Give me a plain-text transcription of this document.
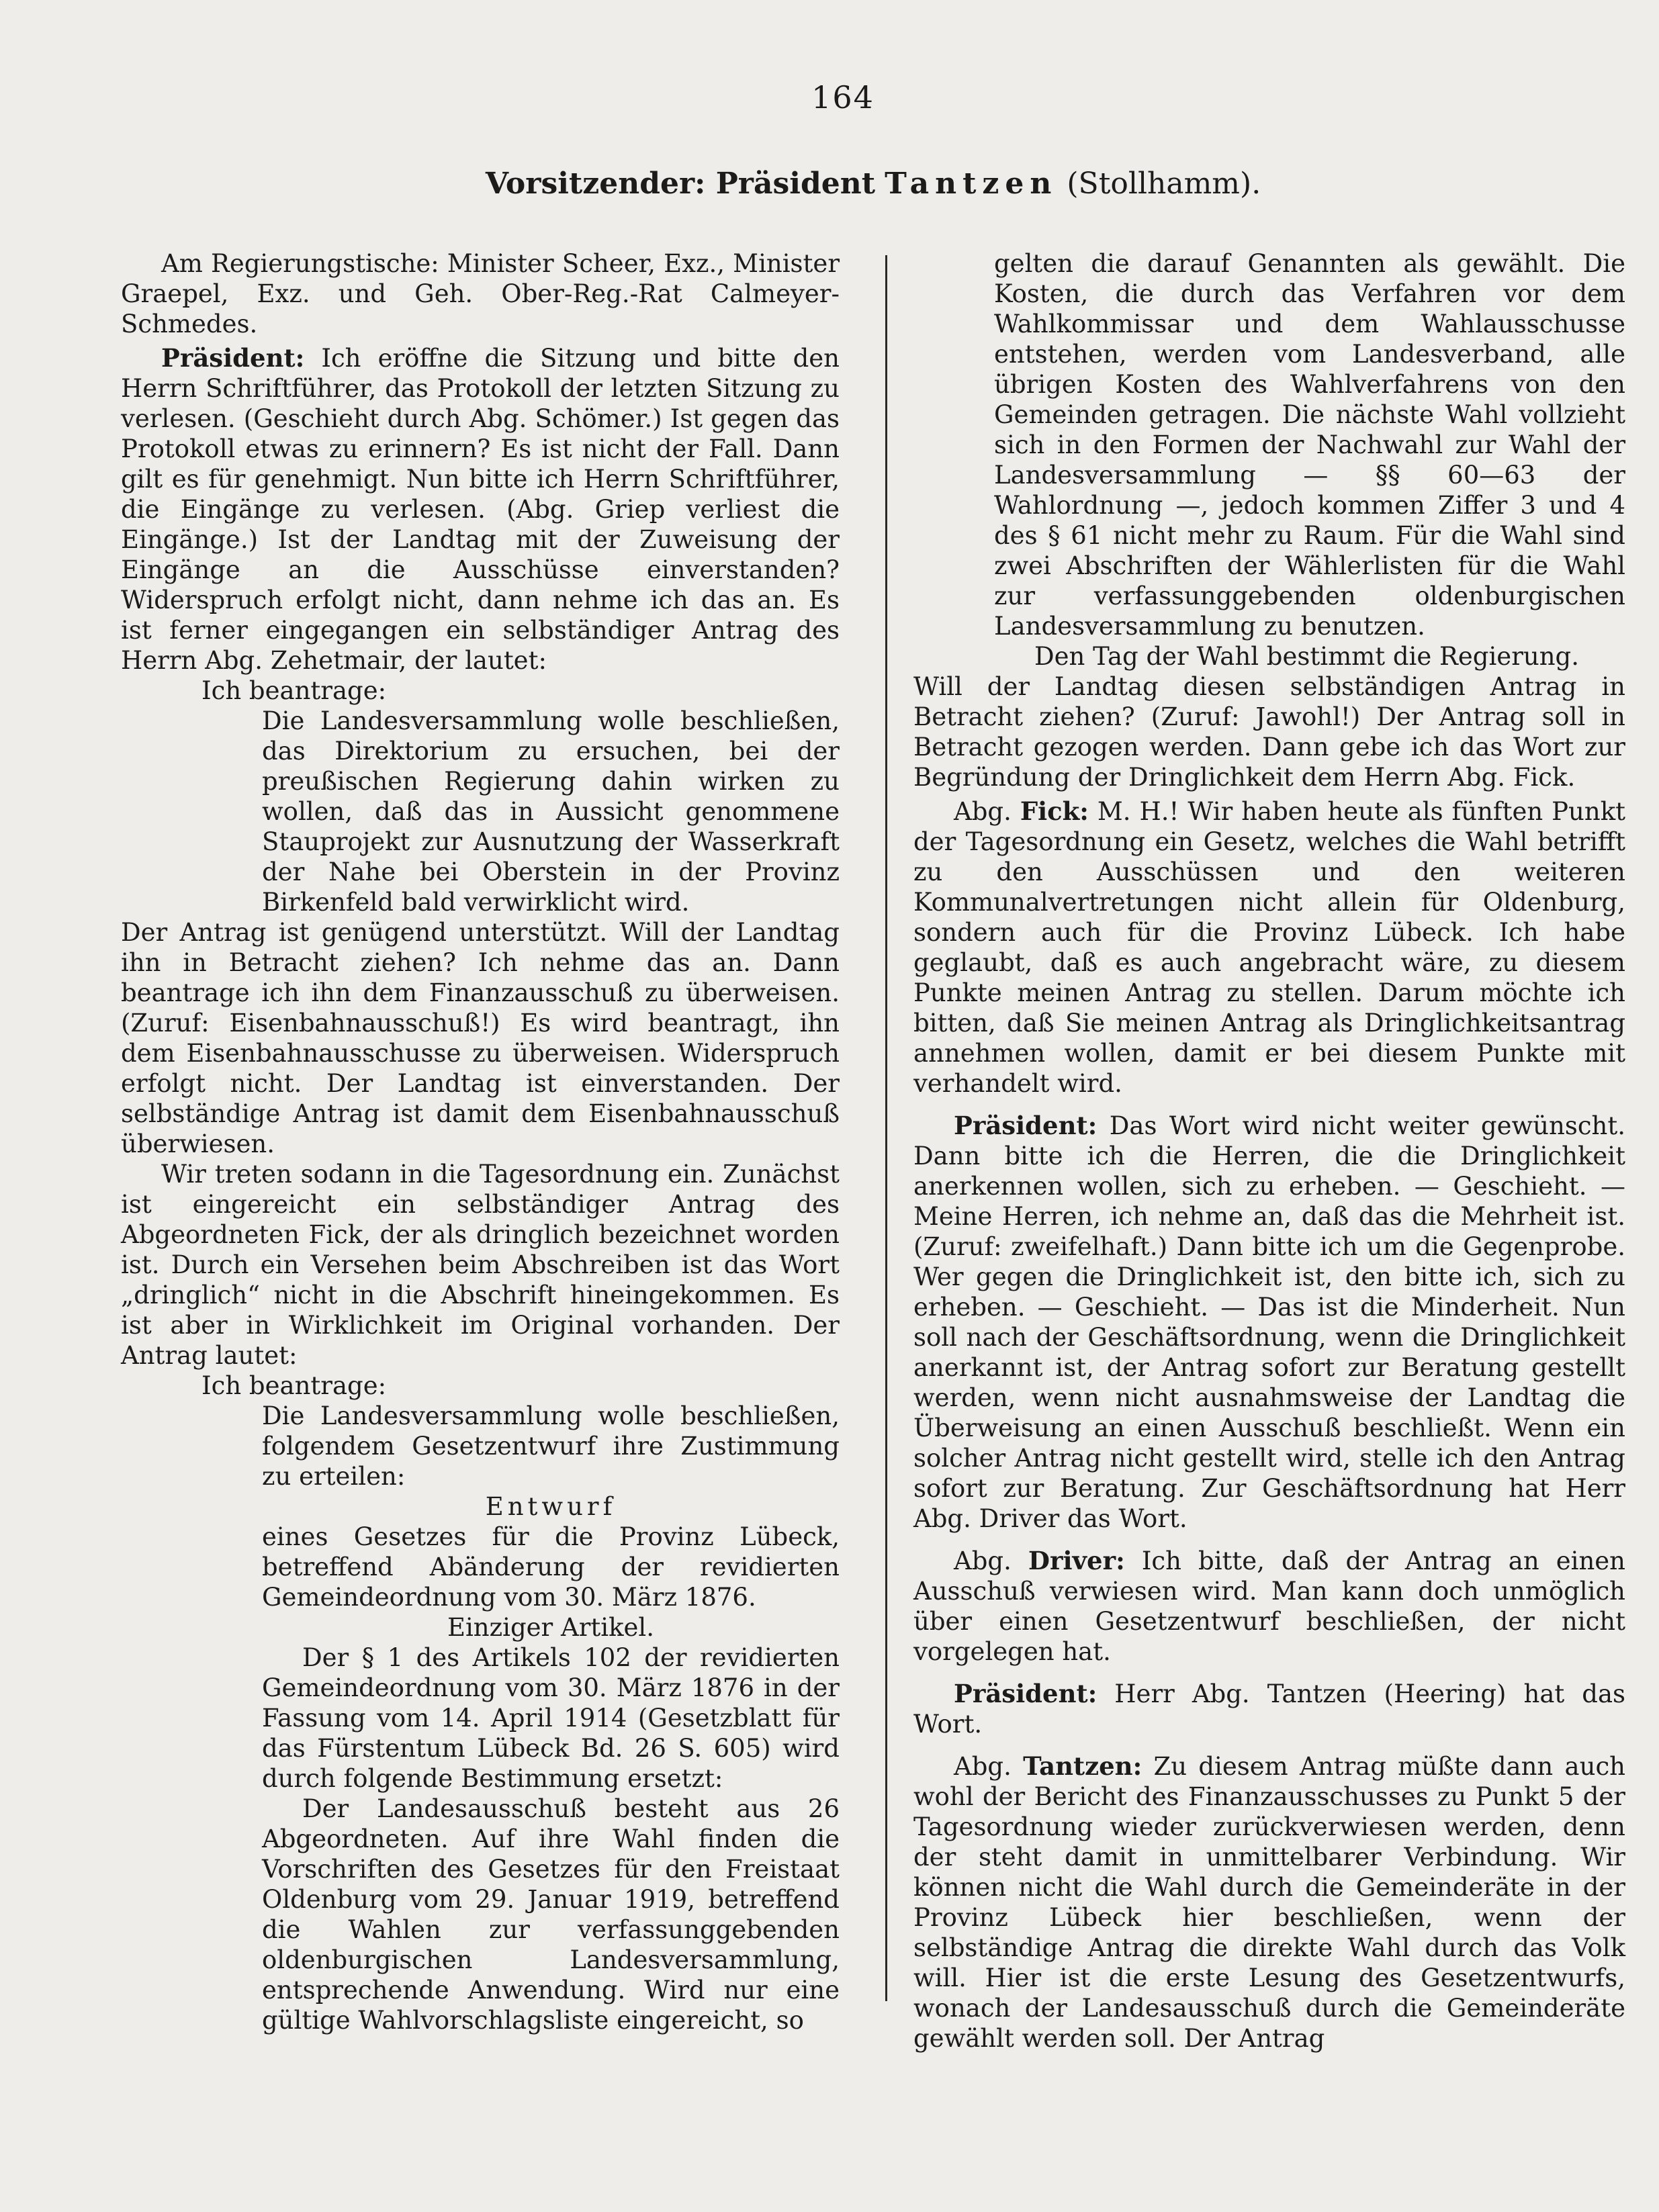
164
Vorsitzender: Präsident Tantzen (Stollhamm).

Am Regierungstische: Minister Scheer, Exz., Minister Graepel, Exz. und Geh. Ober-Reg.-Rat Calmeyer-Schmedes.

Präsident: Ich eröffne die Sitzung und bitte den Herrn Schriftführer, das Protokoll der letzten Sitzung zu verlesen. (Geschieht durch Abg. Schömer.) Ist gegen das Protokoll etwas zu erinnern? Es ist nicht der Fall. Dann gilt es für genehmigt. Nun bitte ich Herrn Schriftführer, die Eingänge zu verlesen. (Abg. Griep verliest die Eingänge.) Ist der Landtag mit der Zuweisung der Eingänge an die Ausschüsse einverstanden? Widerspruch erfolgt nicht, dann nehme ich das an. Es ist ferner eingegangen ein selbständiger Antrag des Herrn Abg. Zehetmair, der lautet:

Ich beantrage:

Die Landesversammlung wolle beschließen, das Direktorium zu ersuchen, bei der preußischen Regierung dahin wirken zu wollen, daß das in Aussicht genommene Stauprojekt zur Ausnutzung der Wasserkraft der Nahe bei Oberstein in der Provinz Birkenfeld bald verwirklicht wird.

Der Antrag ist genügend unterstützt. Will der Landtag ihn in Betracht ziehen? Ich nehme das an. Dann beantrage ich ihn dem Finanzausschuß zu überweisen. (Zuruf: Eisenbahnausschuß!) Es wird beantragt, ihn dem Eisenbahnausschusse zu überweisen. Widerspruch erfolgt nicht. Der Landtag ist einverstanden. Der selbständige Antrag ist damit dem Eisenbahnausschuß überwiesen.

Wir treten sodann in die Tagesordnung ein. Zunächst ist eingereicht ein selbständiger Antrag des Abgeordneten Fick, der als dringlich bezeichnet worden ist. Durch ein Versehen beim Abschreiben ist das Wort „dringlich“ nicht in die Abschrift hineingekommen. Es ist aber in Wirklichkeit im Original vorhanden. Der Antrag lautet:

Ich beantrage:

Die Landesversammlung wolle beschließen, folgendem Gesetzentwurf ihre Zustimmung zu erteilen:

Entwurf

eines Gesetzes für die Provinz Lübeck, betreffend Abänderung der revidierten Gemeindeordnung vom 30. März 1876.

Einziger Artikel.

Der § 1 des Artikels 102 der revidierten Gemeindeordnung vom 30. März 1876 in der Fassung vom 14. April 1914 (Gesetzblatt für das Fürstentum Lübeck Bd. 26 S. 605) wird durch folgende Bestimmung ersetzt:

Der Landesausschuß besteht aus 26 Abgeordneten. Auf ihre Wahl finden die Vorschriften des Gesetzes für den Freistaat Oldenburg vom 29. Januar 1919, betreffend die Wahlen zur verfassunggebenden oldenburgischen Landesversammlung, entsprechende Anwendung. Wird nur eine gültige Wahlvorschlagsliste eingereicht, so

gelten die darauf Genannten als gewählt. Die Kosten, die durch das Verfahren vor dem Wahlkommissar und dem Wahlausschusse entstehen, werden vom Landesverband, alle übrigen Kosten des Wahlverfahrens von den Gemeinden getragen. Die nächste Wahl vollzieht sich in den Formen der Nachwahl zur Wahl der Landesversammlung — §§ 60—63 der Wahlordnung —, jedoch kommen Ziffer 3 und 4 des § 61 nicht mehr zu Raum. Für die Wahl sind zwei Abschriften der Wählerlisten für die Wahl zur verfassunggebenden oldenburgischen Landesversammlung zu benutzen.

Den Tag der Wahl bestimmt die Regierung.

Will der Landtag diesen selbständigen Antrag in Betracht ziehen? (Zuruf: Jawohl!) Der Antrag soll in Betracht gezogen werden. Dann gebe ich das Wort zur Begründung der Dringlichkeit dem Herrn Abg. Fick.

Abg. Fick: M. H.! Wir haben heute als fünften Punkt der Tagesordnung ein Gesetz, welches die Wahl betrifft zu den Ausschüssen und den weiteren Kommunalvertretungen nicht allein für Oldenburg, sondern auch für die Provinz Lübeck. Ich habe geglaubt, daß es auch angebracht wäre, zu diesem Punkte meinen Antrag zu stellen. Darum möchte ich bitten, daß Sie meinen Antrag als Dringlichkeitsantrag annehmen wollen, damit er bei diesem Punkte mit verhandelt wird.

Präsident: Das Wort wird nicht weiter gewünscht. Dann bitte ich die Herren, die die Dringlichkeit anerkennen wollen, sich zu erheben. — Geschieht. — Meine Herren, ich nehme an, daß das die Mehrheit ist. (Zuruf: zweifelhaft.) Dann bitte ich um die Gegenprobe. Wer gegen die Dringlichkeit ist, den bitte ich, sich zu erheben. — Geschieht. — Das ist die Minderheit. Nun soll nach der Geschäftsordnung, wenn die Dringlichkeit anerkannt ist, der Antrag sofort zur Beratung gestellt werden, wenn nicht ausnahmsweise der Landtag die Überweisung an einen Ausschuß beschließt. Wenn ein solcher Antrag nicht gestellt wird, stelle ich den Antrag sofort zur Beratung. Zur Geschäftsordnung hat Herr Abg. Driver das Wort.

Abg. Driver: Ich bitte, daß der Antrag an einen Ausschuß verwiesen wird. Man kann doch unmöglich über einen Gesetzentwurf beschließen, der nicht vorgelegen hat.

Präsident: Herr Abg. Tantzen (Heering) hat das Wort.

Abg. Tantzen: Zu diesem Antrag müßte dann auch wohl der Bericht des Finanzausschusses zu Punkt 5 der Tagesordnung wieder zurückverwiesen werden, denn der steht damit in unmittelbarer Verbindung. Wir können nicht die Wahl durch die Gemeinderäte in der Provinz Lübeck hier beschließen, wenn der selbständige Antrag die direkte Wahl durch das Volk will. Hier ist die erste Lesung des Gesetzentwurfs, wonach der Landesausschuß durch die Gemeinderäte gewählt werden soll. Der Antrag
